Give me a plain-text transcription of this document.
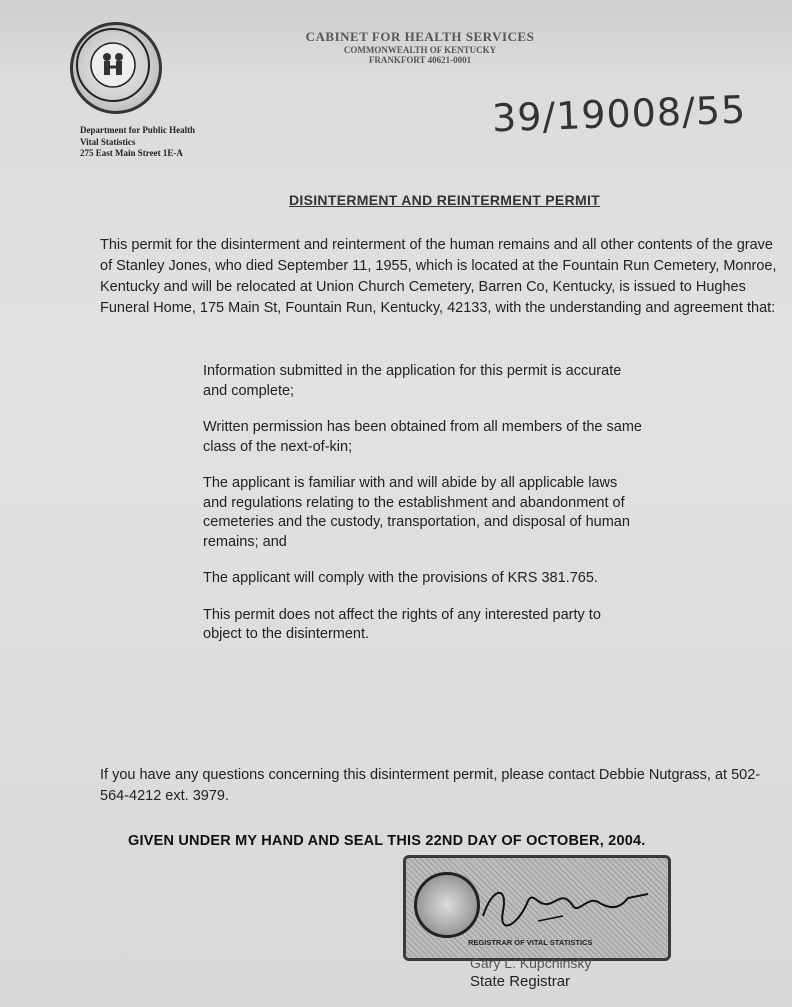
CABINET FOR HEALTH SERVICES
COMMONWEALTH OF KENTUCKY
FRANKFORT 40621-0001
Department for Public Health
Vital Statistics
275 East Main Street 1E-A
39/19008/55
DISINTERMENT AND REINTERMENT PERMIT
This permit for the disinterment and reinterment of the human remains and all other contents of the grave of Stanley Jones, who died September 11, 1955, which is located at the Fountain Run Cemetery, Monroe, Kentucky and will be relocated at Union Church Cemetery, Barren Co, Kentucky, is issued to Hughes Funeral Home, 175 Main St, Fountain Run, Kentucky, 42133, with the understanding and agreement that:

Information submitted in the application for this permit is accurate and complete;

Written permission has been obtained from all members of the same class of the next-of-kin;

The applicant is familiar with and will abide by all applicable laws and regulations relating to the establishment and abandonment of cemeteries and the custody, transportation, and disposal of human remains; and

The applicant will comply with the provisions of KRS 381.765.

This permit does not affect the rights of any interested party to object to the disinterment.

If you have any questions concerning this disinterment permit, please contact Debbie Nutgrass, at 502-564-4212 ext. 3979.
GIVEN UNDER MY HAND AND SEAL THIS 22ND DAY OF OCTOBER, 2004.
REGISTRAR OF VITAL STATISTICS
Gary L. Kupchinsky
State Registrar
